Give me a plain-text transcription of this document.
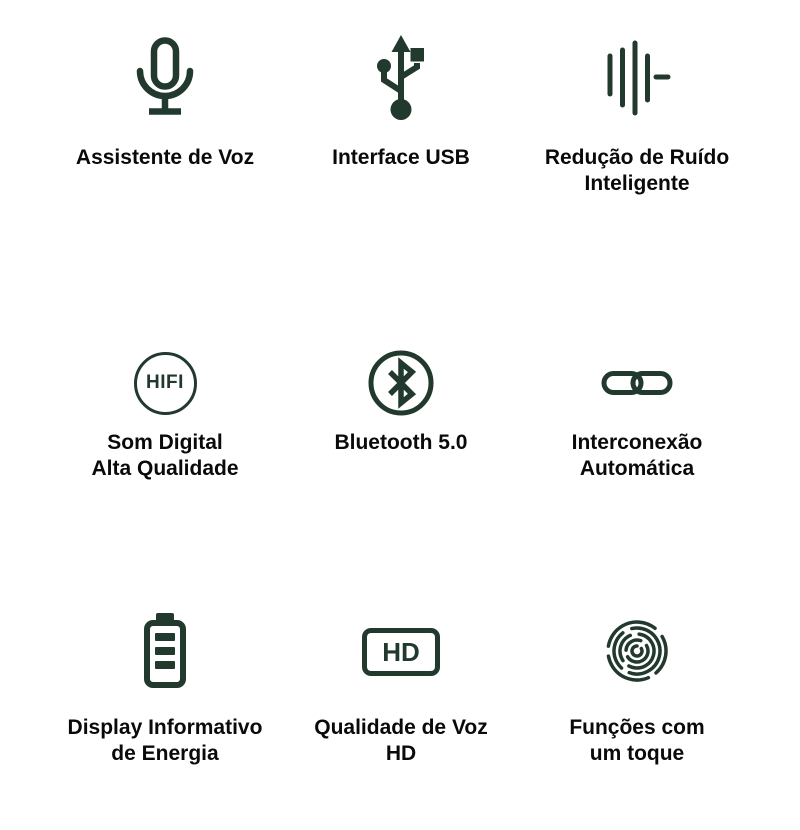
Assistente de Voz	Interface USB	Redução de Ruído
Inteligente
HIFI
Som Digital
Alta Qualidade
Bluetooth 5.0	Interconexão
Automática
Display Informativo
de Energia
HD
Qualidade de Voz
HD
Funções com
um toque
